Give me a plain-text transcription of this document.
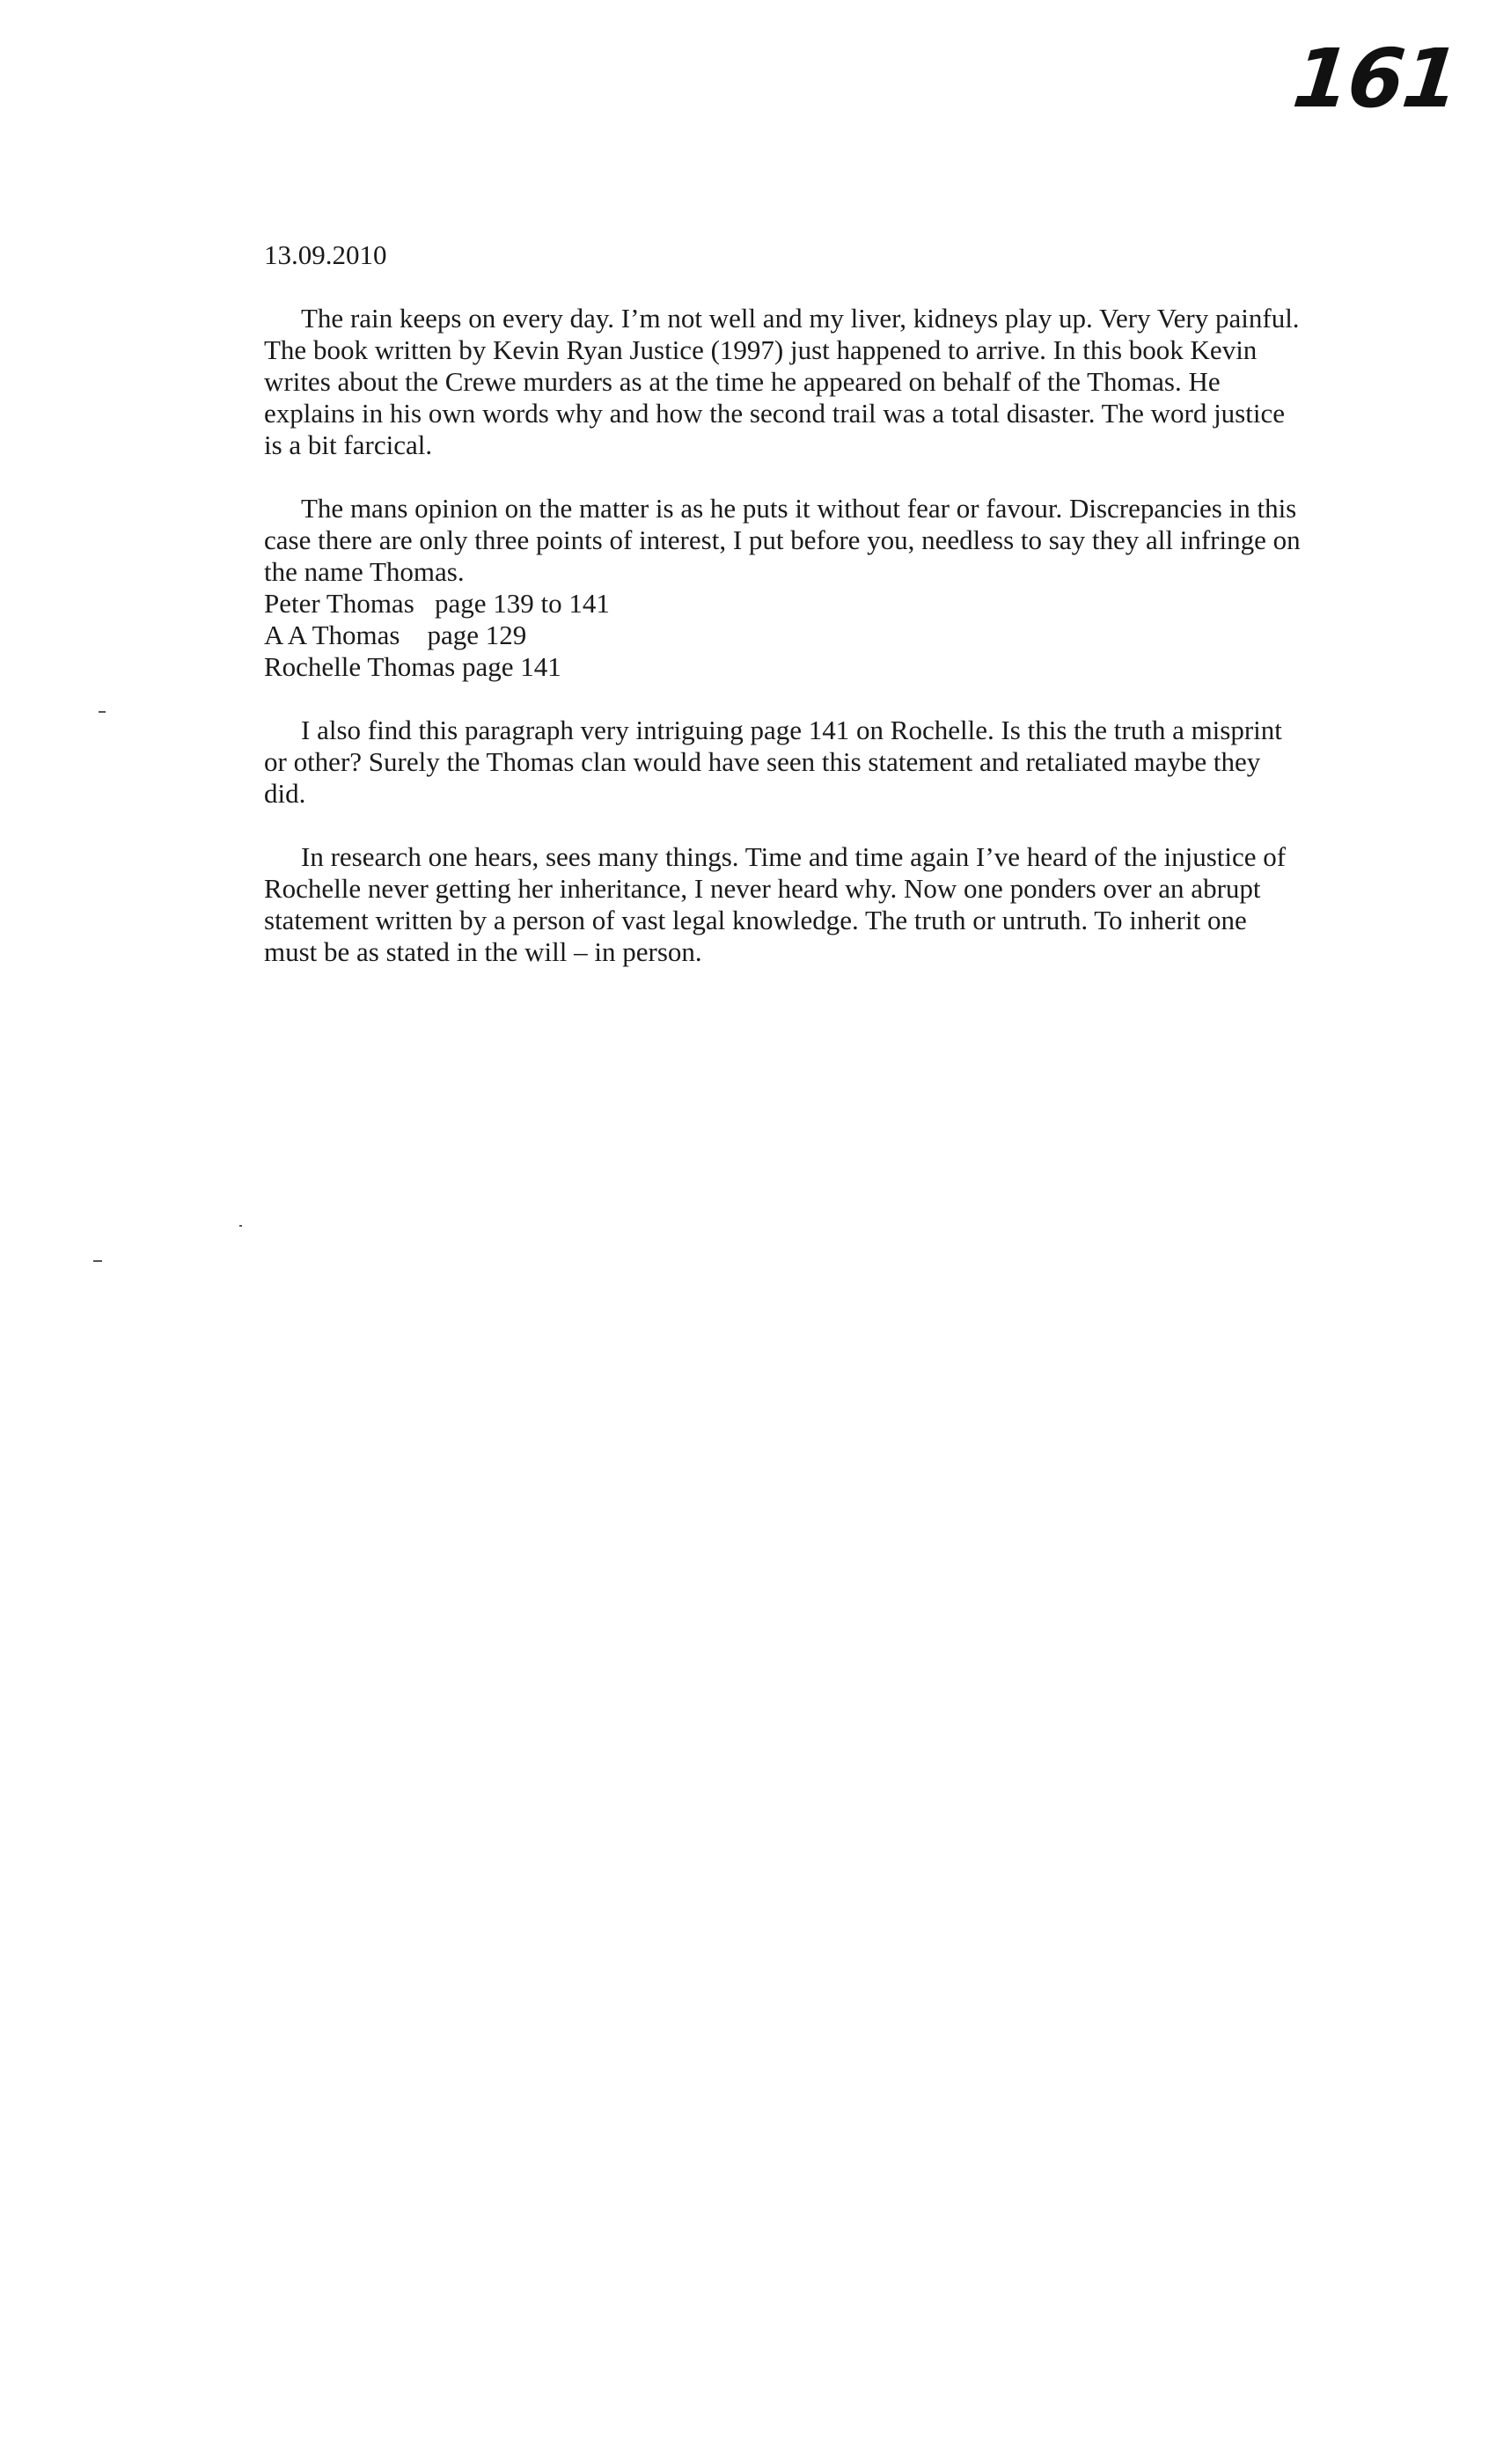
161
13.09.2010

The rain keeps on every day. I’m not well and my liver, kidneys play up. Very Very painful. The book written by Kevin Ryan Justice (1997) just happened to arrive. In this book Kevin writes about the Crewe murders as at the time he appeared on behalf of the Thomas. He explains in his own words why and how the second trail was a total disaster. The word justice is a bit farcical.

The mans opinion on the matter is as he puts it without fear or favour. Discrepancies in this case there are only three points of interest, I put before you, needless to say they all infringe on the name Thomas.

Peter Thomas   page 139 to 141
A A Thomas    page 129
Rochelle Thomas page 141

I also find this paragraph very intriguing page 141 on Rochelle. Is this the truth a misprint or other? Surely the Thomas clan would have seen this statement and retaliated maybe they did.

In research one hears, sees many things. Time and time again I’ve heard of the injustice of Rochelle never getting her inheritance, I never heard why. Now one ponders over an abrupt statement written by a person of vast legal knowledge. The truth or untruth. To inherit one must be as stated in the will – in person.
